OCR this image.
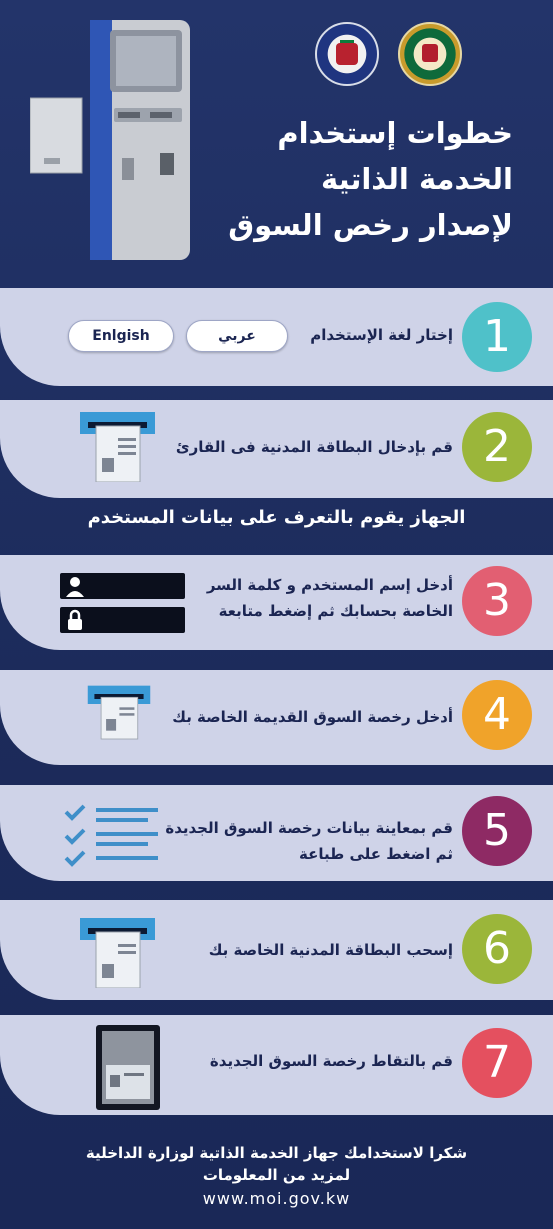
خطوات إستخدام
الخدمة الذاتية
لإصدار رخص السوق
1
إختار لغة الإستخدام
عربي
Enlgish
2
قم بإدخال البطاقة المدنية فى القارئ
الجهاز يقوم بالتعرف على بيانات المستخدم
3
أدخل إسم المستخدم و كلمة السر
الخاصة بحسابك ثم إضغط متابعة
4
أدخل رخصة السوق القديمة الخاصة بك
5
قم بمعاينة بيانات رخصة السوق الجديدة
ثم اضغط على طباعة
6
إسحب البطاقة المدنية الخاصة بك
7
قم بالتقاط رخصة السوق الجديدة
شكرا لاستخدامك جهاز الخدمة الذاتية لوزارة الداخلية
لمزيد من المعلومات
www.moi.gov.kw
